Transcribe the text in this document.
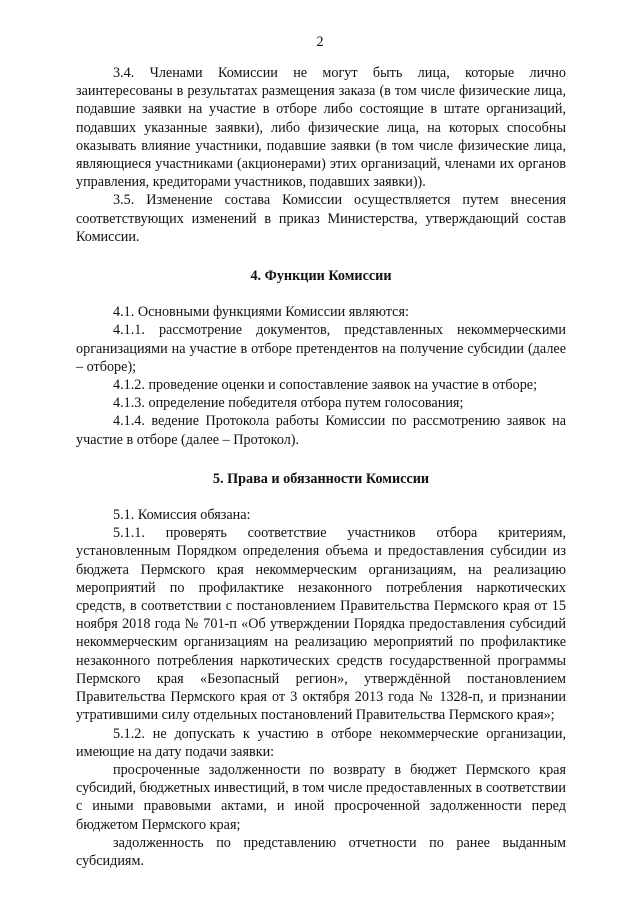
2

3.4. Членами Комиссии не могут быть лица, которые лично заинтересованы в результатах размещения заказа (в том числе физические лица, подавшие заявки на участие в отборе либо состоящие в штате организаций, подавших указанные заявки), либо физические лица, на которых способны оказывать влияние участники, подавшие заявки (в том числе физические лица, являющиеся участниками (акционерами) этих организаций, членами их органов управления, кредиторами участников, подавших заявки)).

3.5. Изменение состава Комиссии осуществляется путем внесения соответствующих изменений в приказ Министерства, утверждающий состав Комиссии.

4. Функции Комиссии

4.1. Основными функциями Комиссии являются:

4.1.1. рассмотрение документов, представленных некоммерческими организациями на участие в отборе претендентов на получение субсидии (далее – отборе);

4.1.2. проведение оценки и сопоставление заявок на участие в отборе;

4.1.3. определение победителя отбора путем голосования;

4.1.4. ведение Протокола работы Комиссии по рассмотрению заявок на участие в отборе (далее – Протокол).

5. Права и обязанности Комиссии

5.1. Комиссия обязана:

5.1.1. проверять соответствие участников отбора критериям, установленным Порядком определения объема и предоставления субсидии из бюджета Пермского края некоммерческим организациям, на реализацию мероприятий по профилактике незаконного потребления наркотических средств, в соответствии с постановлением Правительства Пермского края от 15 ноября 2018 года № 701-п «Об утверждении Порядка предоставления субсидий некоммерческим организациям на реализацию мероприятий по профилактике незаконного потребления наркотических средств государственной программы Пермского края «Безопасный регион», утверждённой постановлением Правительства Пермского края от 3 октября 2013 года № 1328-п, и признании утратившими силу отдельных постановлений Правительства Пермского края»;

5.1.2. не допускать к участию в отборе некоммерческие организации, имеющие на дату подачи заявки:

просроченные задолженности по возврату в бюджет Пермского края субсидий, бюджетных инвестиций, в том числе предоставленных в соответствии с иными правовыми актами, и иной просроченной задолженности перед бюджетом Пермского края;

задолженность по представлению отчетности по ранее выданным субсидиям.
